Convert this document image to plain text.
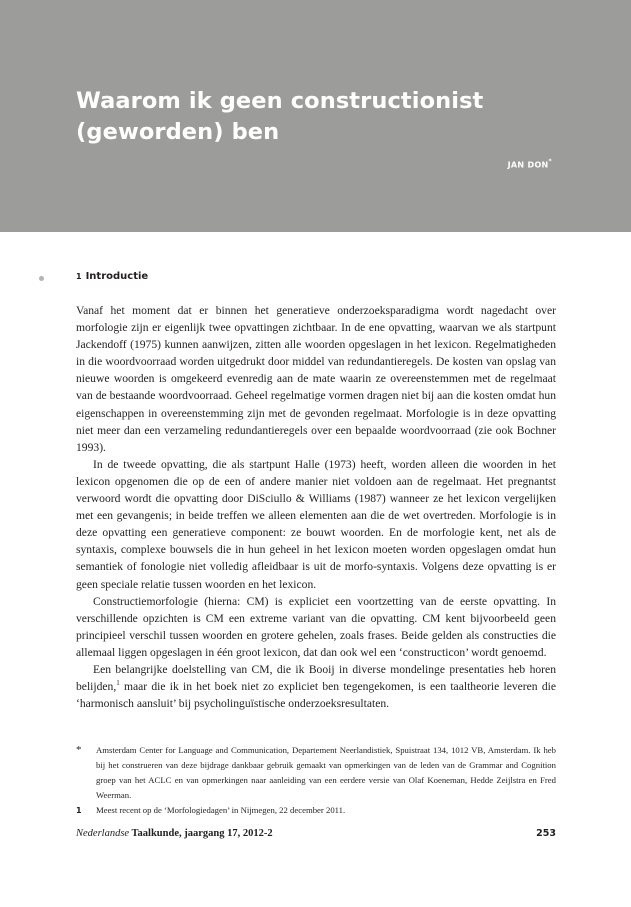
Waarom ik geen constructionist
(geworden) ben
JAN DON*
1 Introductie

Vanaf het moment dat er binnen het generatieve onderzoeksparadigma wordt nagedacht over morfologie zijn er eigenlijk twee opvattingen zichtbaar. In de ene opvatting, waarvan we als startpunt Jackendoff (1975) kunnen aanwijzen, zitten alle woorden opgeslagen in het lexicon. Regelmatigheden in die woordvoorraad worden uitgedrukt door middel van redundantieregels. De kosten van opslag van nieuwe woorden is omgekeerd evenredig aan de mate waarin ze overeenstemmen met de regelmaat van de bestaande woordvoorraad. Geheel regelmatige vormen dragen niet bij aan die kosten omdat hun eigenschappen in overeenstemming zijn met de gevonden regelmaat. Morfologie is in deze opvatting niet meer dan een verzameling redundantieregels over een bepaalde woordvoorraad (zie ook Bochner 1993).

In de tweede opvatting, die als startpunt Halle (1973) heeft, worden alleen die woorden in het lexicon opgenomen die op de een of andere manier niet voldoen aan de regelmaat. Het pregnantst verwoord wordt die opvatting door DiSciullo & Williams (1987) wanneer ze het lexicon vergelijken met een gevangenis; in beide treffen we alleen elementen aan die de wet overtreden. Morfologie is in deze opvatting een generatieve component: ze bouwt woorden. En de morfologie kent, net als de syntaxis, complexe bouwsels die in hun geheel in het lexicon moeten worden opgeslagen omdat hun semantiek of fonologie niet volledig afleidbaar is uit de morfo-syntaxis. Volgens deze opvatting is er geen speciale relatie tussen woorden en het lexicon.

Constructiemorfologie (hierna: CM) is expliciet een voortzetting van de eerste opvatting. In verschillende opzichten is CM een extreme variant van die opvatting. CM kent bijvoorbeeld geen principieel verschil tussen woorden en grotere gehelen, zoals frases. Beide gelden als constructies die allemaal liggen opgeslagen in één groot lexicon, dat dan ook wel een ‘constructicon’ wordt genoemd.

Een belangrijke doelstelling van CM, die ik Booij in diverse mondelinge presentaties heb horen belijden,$^1$ maar die ik in het boek niet zo expliciet ben tegengekomen, is een taaltheorie leveren die ‘harmonisch aansluit’ bij psycholinguïstische onderzoeksresultaten.

*	Amsterdam Center for Language and Communication, Departement Neerlandistiek, Spuistraat 134, 1012 VB, Amsterdam. Ik heb bij het construeren van deze bijdrage dankbaar gebruik gemaakt van opmerkingen van de leden van de Grammar and Cognition groep van het ACLC en van opmerkingen naar aanleiding van een eerdere versie van Olaf Koeneman, Hedde Zeijlstra en Fred Weerman.
1	Meest recent op de ‘Morfologiedagen’ in Nijmegen, 22 december 2011.
Nederlandse Taalkunde, jaargang 17, 2012-2	253
